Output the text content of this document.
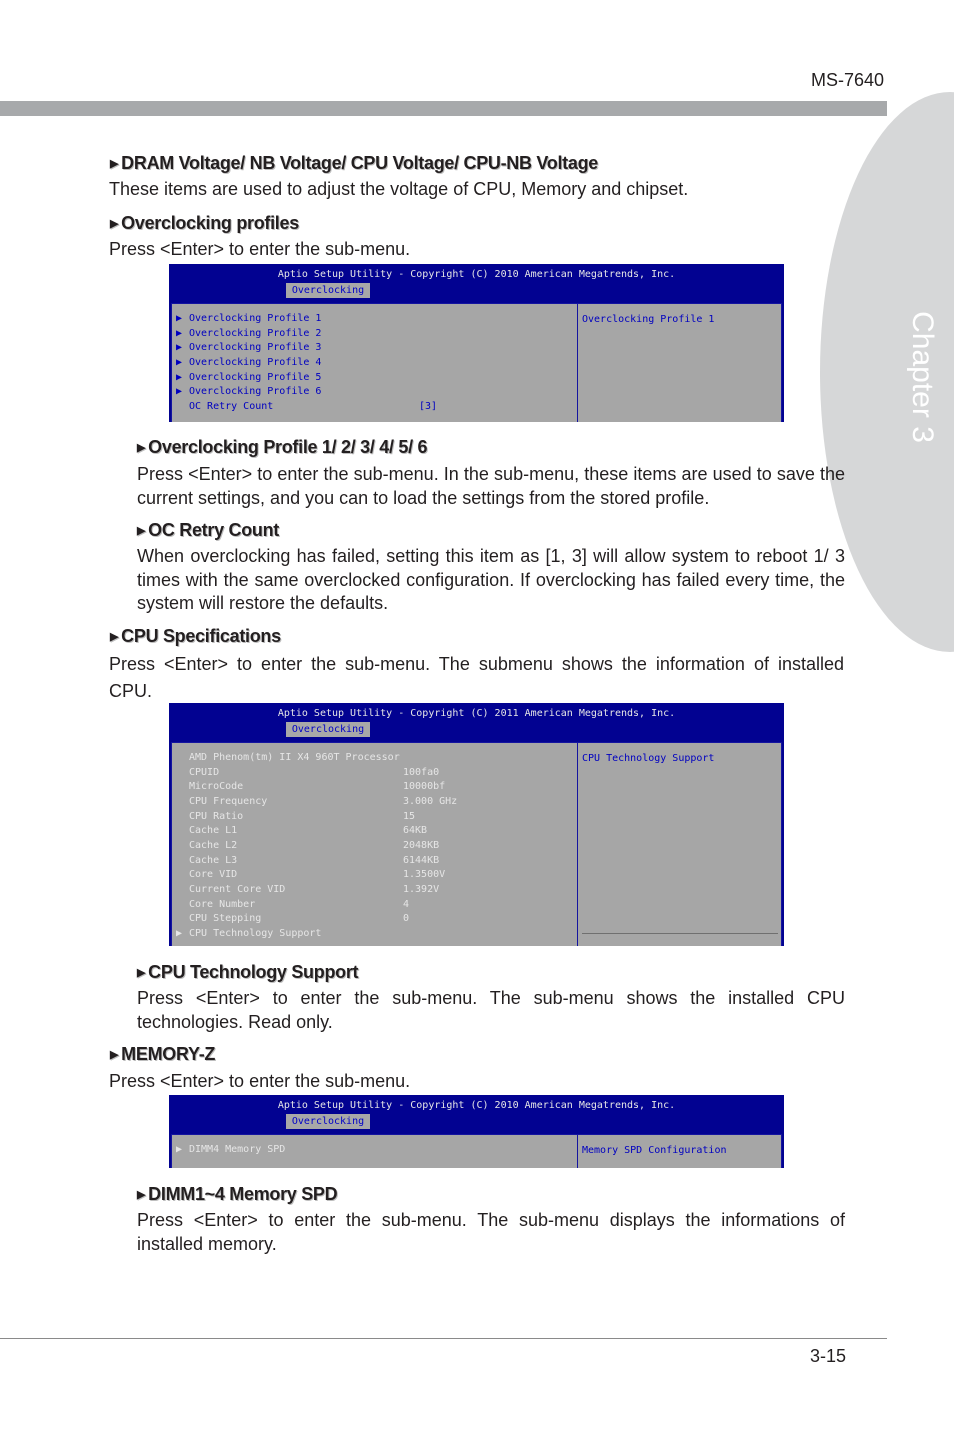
MS-7640
Chapter 3
▶ DRAM Voltage/ NB Voltage/ CPU Voltage/ CPU-NB Voltage
These items are used to adjust the voltage of CPU, Memory and chipset.
▶ Overclocking profiles
Press <Enter> to enter the sub-menu.
Aptio Setup Utility - Copyright (C) 2010 American Megatrends, Inc.
Overclocking
▶ Overclocking Profile 1
▶ Overclocking Profile 2
▶ Overclocking Profile 3
▶ Overclocking Profile 4
▶ Overclocking Profile 5
▶ Overclocking Profile 6
OC Retry Count	[3]
Overclocking Profile 1
▶ Overclocking Profile 1/ 2/ 3/ 4/ 5/ 6
Press <Enter> to enter the sub-menu. In the sub-menu, these items are used to save the current settings, and you can to load the settings from the stored profile.
▶ OC Retry Count
When overclocking has failed, setting this item as [1, 3] will allow system to reboot 1/ 3 times with the same overclocked configuration. If overclocking has failed every time, the system will restore the defaults.
▶ CPU Specifications
Press <Enter> to enter the sub-menu. The submenu shows the information of installed CPU.
Aptio Setup Utility - Copyright (C) 2011 American Megatrends, Inc.
Overclocking
AMD Phenom(tm) II X4 960T Processor
CPUID	100fa0
MicroCode	10000bf
CPU Frequency	3.000 GHz
CPU Ratio	15
Cache L1	64KB
Cache L2	2048KB
Cache L3	6144KB
Core VID	1.3500V
Current Core VID	1.392V
Core Number	4
CPU Stepping	0
▶ CPU Technology Support
CPU Technology Support
▶ CPU Technology Support
Press <Enter> to enter the sub-menu. The sub-menu shows the installed CPU technologies. Read only.
▶ MEMORY-Z
Press <Enter> to enter the sub-menu.
Aptio Setup Utility - Copyright (C) 2010 American Megatrends, Inc.
Overclocking
▶ DIMM4 Memory SPD	Memory SPD Configuration
▶ DIMM1~4 Memory SPD
Press <Enter> to enter the sub-menu. The sub-menu displays the informations of installed memory.
3-15
